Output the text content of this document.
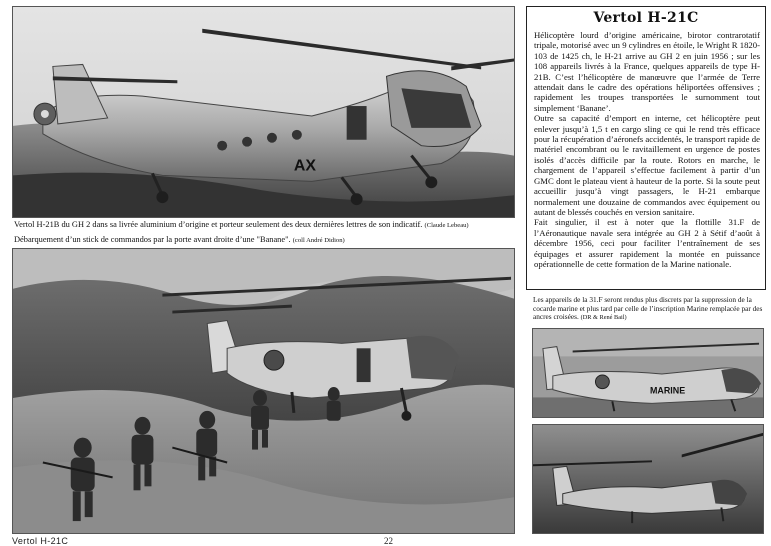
AX
Vertol H-21B du GH 2 dans sa livrée aluminium d’origine et porteur seulement des deux dernières lettres de son indicatif. (Claude Lebeau)
Débarquement d’un stick de commandos par la porte avant droite d’une "Banane". (coll André Didion)
Vertol H-21C

Hélicoptère lourd d’origine américaine, birotor contrarotatif tripale, motorisé avec un 9 cylindres en étoile, le Wright R 1820-103 de 1425 ch, le H-21 arrive au GH 2 en juin 1956 ; sur les 108 appareils livrés à la France, quelques appareils de type H-21B. C’est l’hélicoptère de manœuvre que l’armée de Terre attendait dans le cadre des opérations héliportées offensives ; rapidement les troupes transportées le surnomment tout simplement ‘Banane’.

Outre sa capacité d’emport en interne, cet hélicoptère peut enlever jusqu’à 1,5 t en cargo sling ce qui le rend très efficace pour la récupération d’aéronefs accidentés, le transport rapide de matériel encombrant ou le ravitaillement en urgence de postes isolés d’accès difficile par la route. Rotors en marche, le chargement de l’appareil s’effectue facilement à partir d’un GMC dont le plateau vient à hauteur de la porte. Si la soute peut accueillir jusqu’à vingt passagers, le H-21 embarque normalement une douzaine de commandos avec équipement ou autant de blessés couchés en version sanitaire.

Fait singulier, il est à noter que la flottille 31.F de l’Aéronautique navale sera intégrée au GH 2 à Sétif d’août à décembre 1956, ceci pour faciliter l’entraînement de ses équipages et assurer rapidement la montée en puissance opérationnelle de cette formation de la Marine nationale.

Les appareils de la 31.F seront rendus plus discrets par la suppression de la cocarde marine et plus tard par celle de l’inscription Marine remplacée par des ancres croisées. (DR & René Bail)
MARINE
Vertol H-21C	22
